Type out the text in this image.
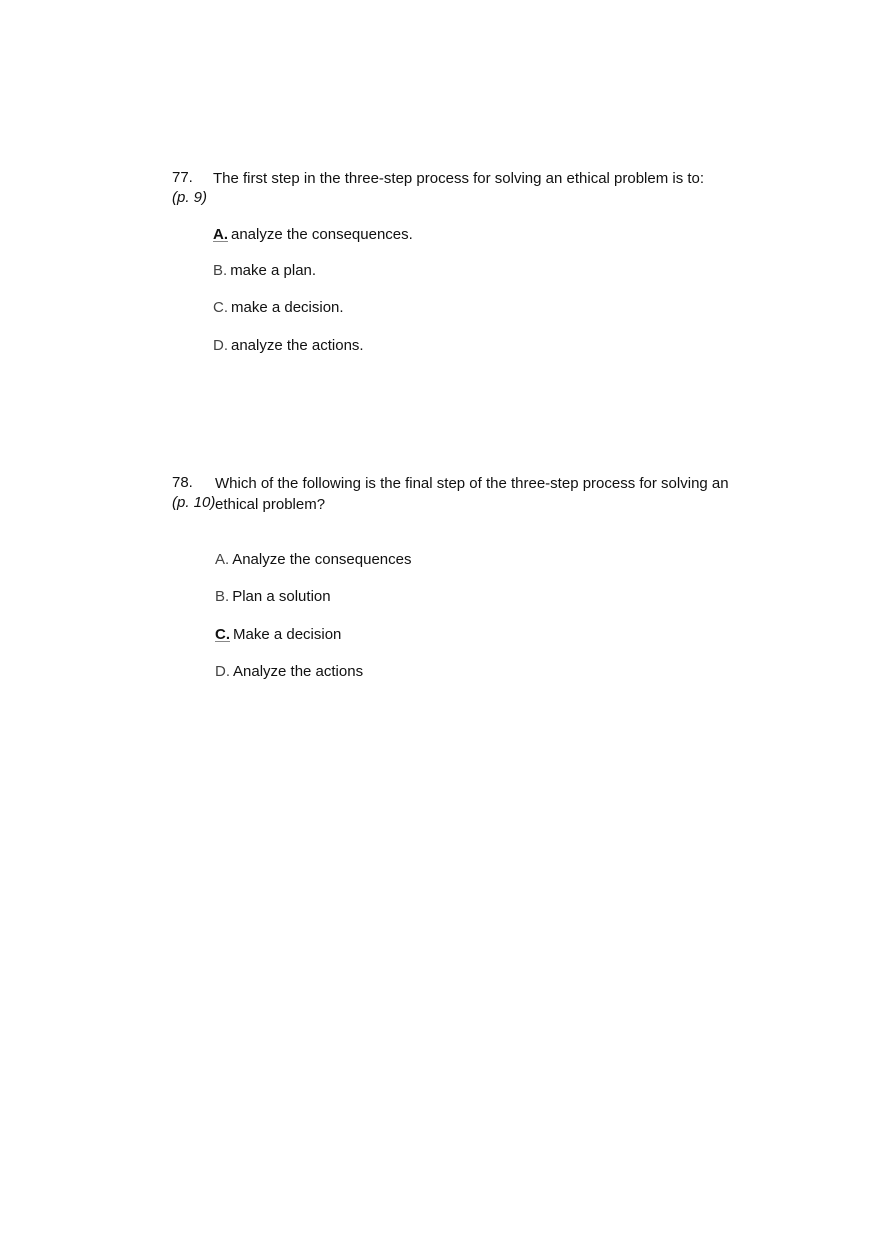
77. The first step in the three-step process for solving an ethical problem is to:
(p. 9)
A. analyze the consequences.
B. make a plan.
C. make a decision.
D. analyze the actions.
78. Which of the following is the final step of the three-step process for solving an ethical problem?
(p. 10)
A. Analyze the consequences
B. Plan a solution
C. Make a decision
D. Analyze the actions
